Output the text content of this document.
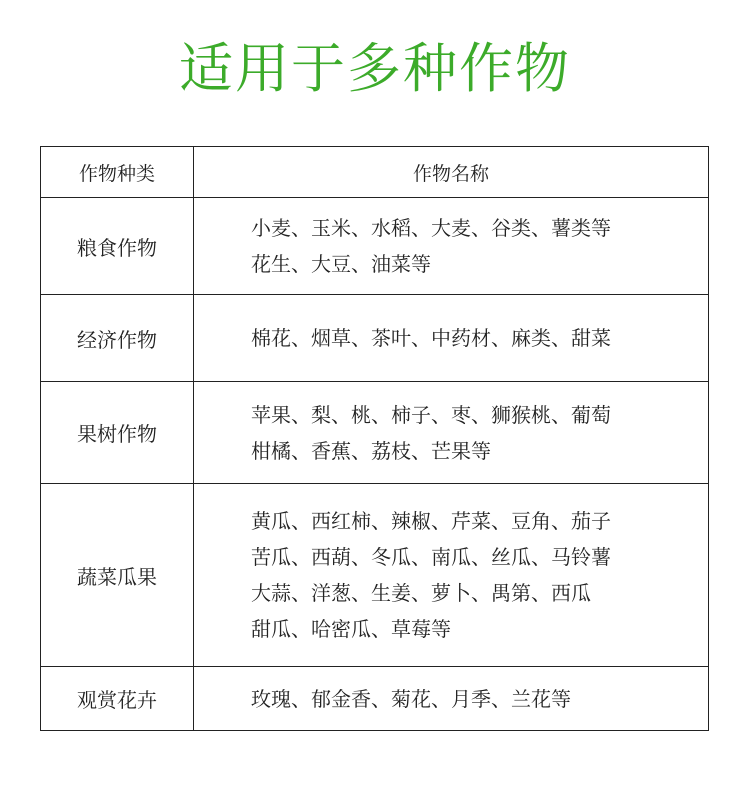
适用于多种作物
作物种类	作物名称
粮食作物	小麦、玉米、水稻、大麦、谷类、薯类等
花生、大豆、油菜等

经济作物	棉花、烟草、茶叶、中药材、麻类、甜菜

果树作物	苹果、梨、桃、柿子、枣、狮猴桃、葡萄
柑橘、香蕉、荔枝、芒果等

蔬菜瓜果	黄瓜、西红柿、辣椒、芹菜、豆角、茄子
苦瓜、西葫、冬瓜、南瓜、丝瓜、马铃薯
大蒜、洋葱、生姜、萝卜、禺第、西瓜
甜瓜、哈密瓜、草莓等

观赏花卉	玫瑰、郁金香、菊花、月季、兰花等
